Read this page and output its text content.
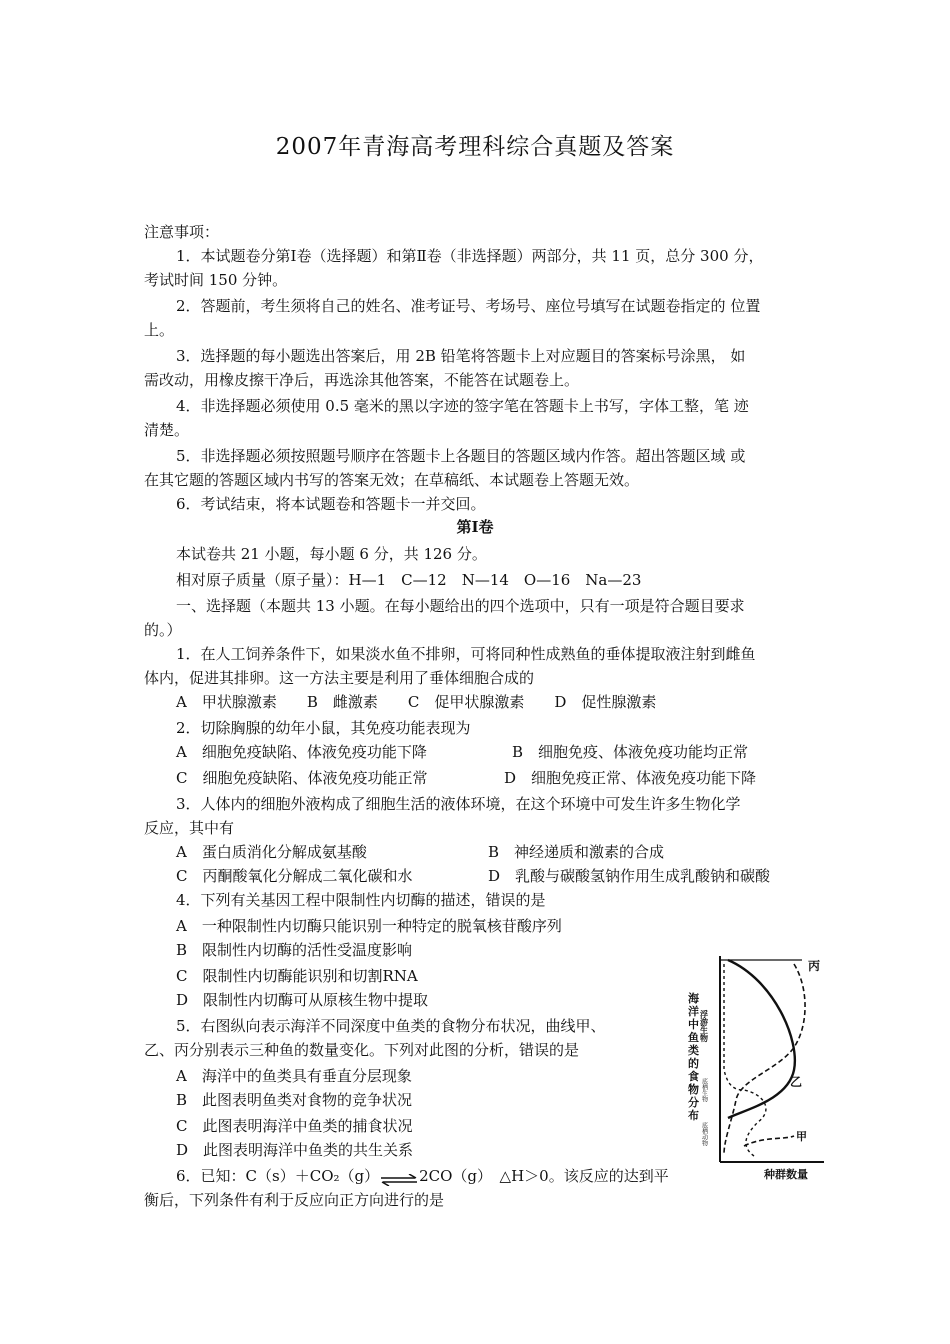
2007年青海高考理科综合真题及答案
注意事项：
1．本试题卷分第Ⅰ卷（选择题）和第Ⅱ卷（非选择题）两部分，共 11 页，总分 300 分，
考试时间 150 分钟。
2．答题前，考生须将自己的姓名、准考证号、考场号、座位号填写在试题卷指定的 位置
上。
3．选择题的每小题选出答案后，用 2B 铅笔将答题卡上对应题目的答案标号涂黑， 如
需改动，用橡皮擦干净后，再选涂其他答案，不能答在试题卷上。
4．非选择题必须使用 0.5 毫米的黑以字迹的签字笔在答题卡上书写，字体工整，笔 迹
清楚。
5．非选择题必须按照题号顺序在答题卡上各题目的答题区域内作答。超出答题区域 或
在其它题的答题区域内书写的答案无效；在草稿纸、本试题卷上答题无效。
6．考试结束，将本试题卷和答题卡一并交回。
第Ⅰ卷
本试卷共 21 小题，每小题 6 分，共 126 分。
相对原子质量（原子量）：H—1　C—12　N—14　O—16　Na—23
一、选择题（本题共 13 小题。在每小题给出的四个选项中，只有一项是符合题目要求
的。）
1．在人工饲养条件下，如果淡水鱼不排卵，可将同种性成熟鱼的垂体提取液注射到雌鱼
体内，促进其排卵。这一方法主要是利用了垂体细胞合成的
A　甲状腺激素　　B　雌激素　　C　促甲状腺激素　　D　促性腺激素
2．切除胸腺的幼年小鼠，其免疫功能表现为
A　细胞免疫缺陷、体液免疫功能下降	B　细胞免疫、体液免疫功能均正常
C　细胞免疫缺陷、体液免疫功能正常	D　细胞免疫正常、体液免疫功能下降
3．人体内的细胞外液构成了细胞生活的液体环境，在这个环境中可发生许多生物化学
反应，其中有
A　蛋白质消化分解成氨基酸	B　神经递质和激素的合成
C　丙酮酸氧化分解成二氧化碳和水	D　乳酸与碳酸氢钠作用生成乳酸钠和碳酸
4．下列有关基因工程中限制性内切酶的描述，错误的是
A　一种限制性内切酶只能识别一种特定的脱氧核苷酸序列
B　限制性内切酶的活性受温度影响
C　限制性内切酶能识别和切割RNA
D　限制性内切酶可从原核生物中提取
5．右图纵向表示海洋不同深度中鱼类的食物分布状况，曲线甲、
乙、丙分别表示三种鱼的数量变化。下列对此图的分析，错误的是
A　海洋中的鱼类具有垂直分层现象
B　此图表明鱼类对食物的竞争状况
C　此图表明海洋中鱼类的捕食状况
D　此图表明海洋中鱼类的共生关系
6．已知：C（s）＋CO₂（g）⇌2CO（g）　△H＞0。该反应的达到平
衡后，下列条件有利于反应向正方向进行的是
海
洋
中
鱼
类
的
食
物
分
布
浮游生物
底栖生物
底栖动物
丙
乙
甲
种群数量
